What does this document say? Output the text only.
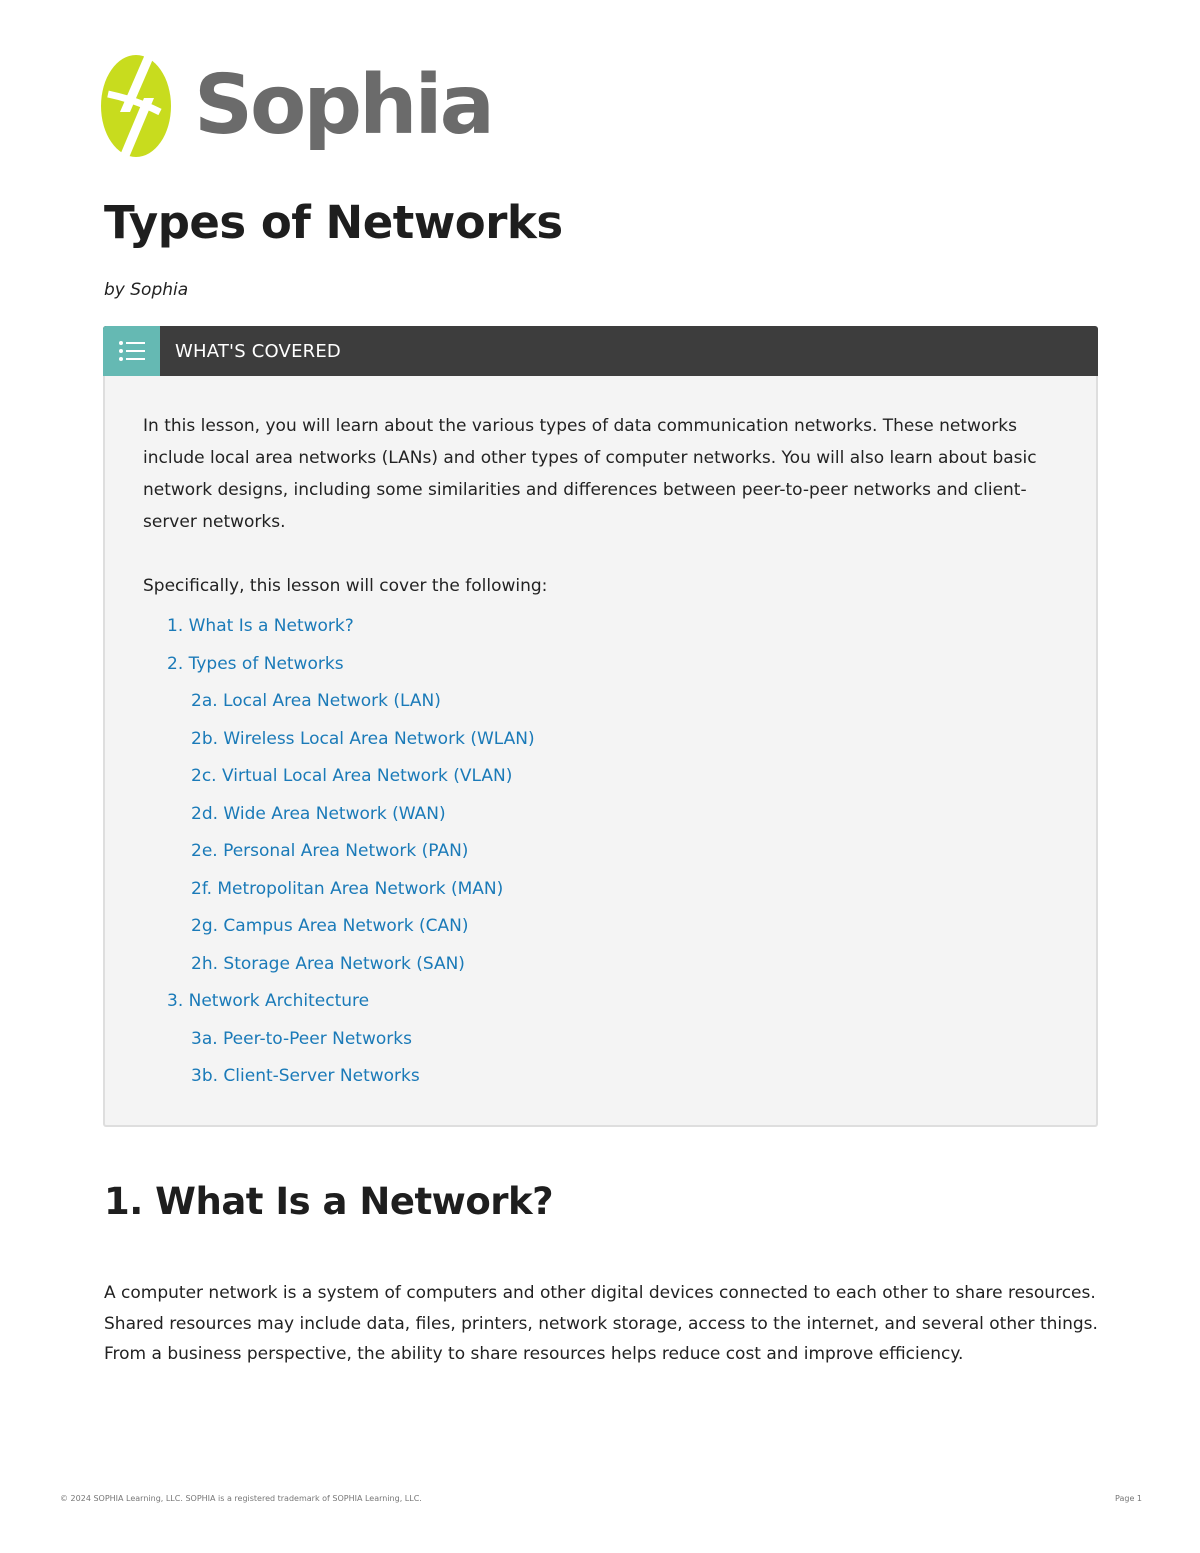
Sophia
Types of Networks
by Sophia
WHAT'S COVERED

In this lesson, you will learn about the various types of data communication networks. These networks include local area networks (LANs) and other types of computer networks. You will also learn about basic network designs, including some similarities and differences between peer-to-peer networks and client-server networks.

Specifically, this lesson will cover the following:

1. What Is a Network?
2. Types of Networks
2a. Local Area Network (LAN)
2b. Wireless Local Area Network (WLAN)
2c. Virtual Local Area Network (VLAN)
2d. Wide Area Network (WAN)
2e. Personal Area Network (PAN)
2f. Metropolitan Area Network (MAN)
2g. Campus Area Network (CAN)
2h. Storage Area Network (SAN)
3. Network Architecture
3a. Peer-to-Peer Networks
3b. Client-Server Networks
1. What Is a Network?

A computer network is a system of computers and other digital devices connected to each other to share resources. Shared resources may include data, files, printers, network storage, access to the internet, and several other things. From a business perspective, the ability to share resources helps reduce cost and improve efficiency.

© 2024 SOPHIA Learning, LLC. SOPHIA is a registered trademark of SOPHIA Learning, LLC.	Page 1
